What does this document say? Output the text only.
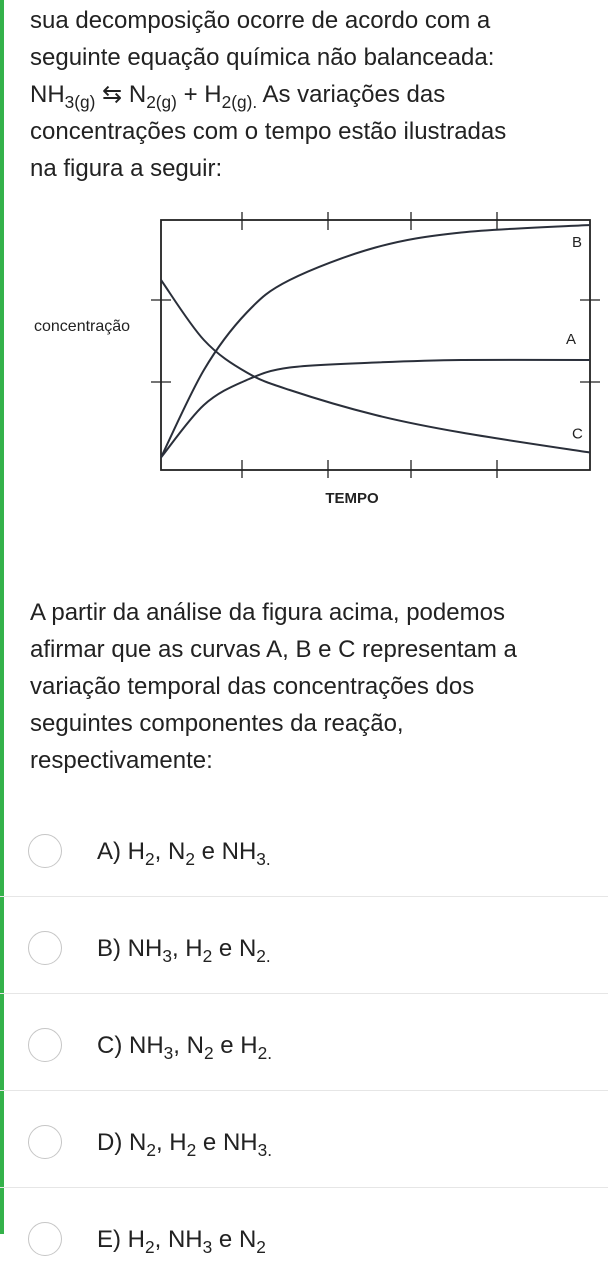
sua decomposição ocorre de acordo com a

seguinte equação química não balanceada:

$NH_{3(g)}$ ⇆ $N_{2(g)} + H_{2(g).}$ As variações das

concentrações com o tempo estão ilustradas

na figura a seguir:

A
B
C
concentração
TEMPO
A partir da análise da figura acima, podemos
afirmar que as curvas A, B e C representam a
variação temporal das concentrações dos
seguintes componentes da reação,
respectivamente:
A) $H_2$, $N_2$ e $NH_{3.}$
B) $NH_3$, $H_2$ e $N_{2.}$
C) $NH_3$, $N_2$ e $H_{2.}$
D) $N_2$, $H_2$ e $NH_{3.}$
E) $H_2$, $NH_3$ e $N_2$
